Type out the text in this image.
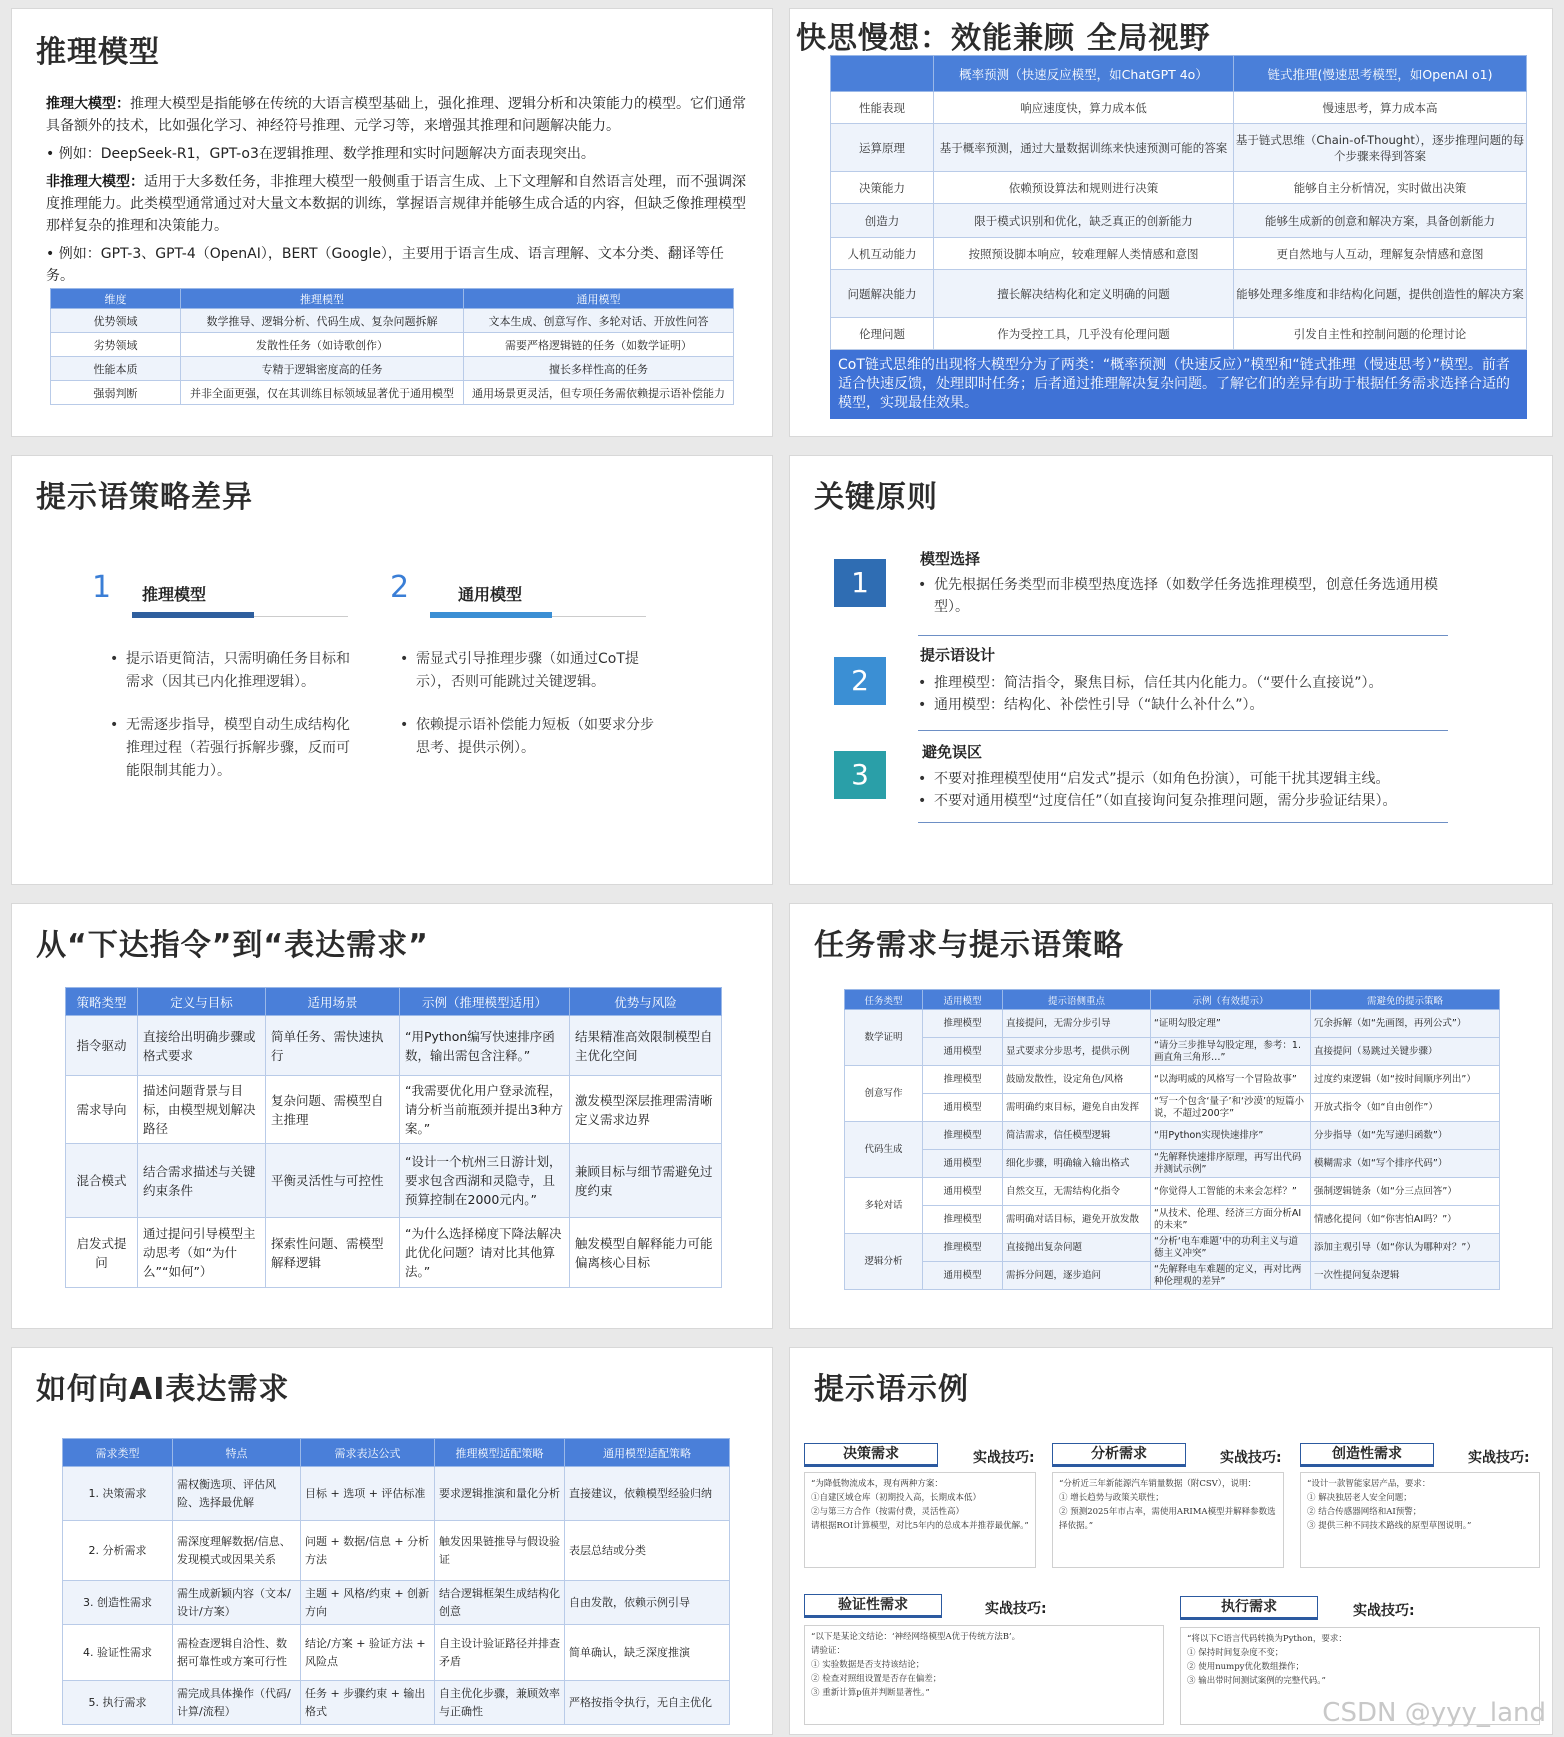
推理模型

推理大模型：推理大模型是指能够在传统的大语言模型基础上，强化推理、逻辑分析和决策能力的模型。它们通常具备额外的技术，比如强化学习、神经符号推理、元学习等，来增强其推理和问题解决能力。

• 例如：DeepSeek-R1，GPT-o3在逻辑推理、数学推理和实时问题解决方面表现突出。

非推理大模型：适用于大多数任务，非推理大模型一般侧重于语言生成、上下文理解和自然语言处理，而不强调深度推理能力。此类模型通常通过对大量文本数据的训练，掌握语言规律并能够生成合适的内容，但缺乏像推理模型那样复杂的推理和决策能力。

• 例如：GPT-3、GPT-4（OpenAI），BERT（Google），主要用于语言生成、语言理解、文本分类、翻译等任务。

维度	推理模型	通用模型
优势领域	数学推导、逻辑分析、代码生成、复杂问题拆解	文本生成、创意写作、多轮对话、开放性问答
劣势领域	发散性任务（如诗歌创作）	需要严格逻辑链的任务（如数学证明）
性能本质	专精于逻辑密度高的任务	擅长多样性高的任务
强弱判断	并非全面更强，仅在其训练目标领域显著优于通用模型	通用场景更灵活，但专项任务需依赖提示语补偿能力
快思慢想：效能兼顾 全局视野
	概率预测（快速反应模型，如ChatGPT 4o）	链式推理(慢速思考模型，如OpenAI o1)
性能表现	响应速度快，算力成本低	慢速思考，算力成本高
运算原理	基于概率预测，通过大量数据训练来快速预测可能的答案	基于链式思维（Chain-of-Thought），逐步推理问题的每个步骤来得到答案
决策能力	依赖预设算法和规则进行决策	能够自主分析情况，实时做出决策
创造力	限于模式识别和优化，缺乏真正的创新能力	能够生成新的创意和解决方案，具备创新能力
人机互动能力	按照预设脚本响应，较难理解人类情感和意图	更自然地与人互动，理解复杂情感和意图
问题解决能力	擅长解决结构化和定义明确的问题	能够处理多维度和非结构化问题，提供创造性的解决方案
伦理问题	作为受控工具，几乎没有伦理问题	引发自主性和控制问题的伦理讨论
CoT链式思维的出现将大模型分为了两类：“概率预测（快速反应）”模型和“链式推理（慢速思考）”模型。前者适合快速反馈，处理即时任务；后者通过推理解决复杂问题。了解它们的差异有助于根据任务需求选择合适的模型，实现最佳效果。
提示语策略差异
1 推理模型
• 提示语更简洁，只需明确任务目标和需求（因其已内化推理逻辑）。
• 无需逐步指导，模型自动生成结构化推理过程（若强行拆解步骤，反而可能限制其能力）。
2	通用模型
• 需显式引导推理步骤（如通过CoT提示），否则可能跳过关键逻辑。
• 依赖提示语补偿能力短板（如要求分步思考、提供示例）。
关键原则
1
模型选择
• 优先根据任务类型而非模型热度选择（如数学任务选推理模型，创意任务选通用模型）。
2
提示语设计
• 推理模型：简洁指令，聚焦目标，信任其内化能力。（“要什么直接说”）。
• 通用模型：结构化、补偿性引导（“缺什么补什么”）。
3
避免误区
• 不要对推理模型使用“启发式”提示（如角色扮演），可能干扰其逻辑主线。
• 不要对通用模型“过度信任”（如直接询问复杂推理问题，需分步验证结果）。
从“下达指令”到“表达需求”
策略类型	定义与目标	适用场景	示例（推理模型适用）	优势与风险
指令驱动	直接给出明确步骤或格式要求	简单任务、需快速执行	“用Python编写快速排序函数，输出需包含注释。”	结果精准高效限制模型自主优化空间
需求导向	描述问题背景与目标，由模型规划解决路径	复杂问题、需模型自主推理	“我需要优化用户登录流程，请分析当前瓶颈并提出3种方案。”	激发模型深层推理需清晰定义需求边界
混合模式	结合需求描述与关键约束条件	平衡灵活性与可控性	“设计一个杭州三日游计划，要求包含西湖和灵隐寺，且预算控制在2000元内。”	兼顾目标与细节需避免过度约束
启发式提问	通过提问引导模型主动思考（如“为什么”“如何”）	探索性问题、需模型解释逻辑	“为什么选择梯度下降法解决此优化问题？请对比其他算法。”	触发模型自解释能力可能偏离核心目标
任务需求与提示语策略
任务类型	适用模型	提示语侧重点	示例（有效提示）	需避免的提示策略
数学证明	推理模型	直接提问，无需分步引导	“证明勾股定理”	冗余拆解（如“先画图，再列公式”）
	通用模型	显式要求分步思考，提供示例	“请分三步推导勾股定理，参考：1. 画直角三角形…”	直接提问（易跳过关键步骤）
创意写作	推理模型	鼓励发散性，设定角色/风格	“以海明威的风格写一个冒险故事”	过度约束逻辑（如“按时间顺序列出”）
	通用模型	需明确约束目标，避免自由发挥	“写一个包含‘量子’和‘沙漠’的短篇小说，不超过200字”	开放式指令（如“自由创作”）
代码生成	推理模型	简洁需求，信任模型逻辑	“用Python实现快速排序”	分步指导（如“先写递归函数”）
	通用模型	细化步骤，明确输入输出格式	“先解释快速排序原理，再写出代码并测试示例”	模糊需求（如“写个排序代码”）
多轮对话	通用模型	自然交互，无需结构化指令	“你觉得人工智能的未来会怎样？”	强制逻辑链条（如“分三点回答”）
	推理模型	需明确对话目标，避免开放发散	“从技术、伦理、经济三方面分析AI的未来”	情感化提问（如“你害怕AI吗？”）
逻辑分析	推理模型	直接抛出复杂问题	“分析‘电车难题’中的功利主义与道德主义冲突”	添加主观引导（如“你认为哪种对？”）
	通用模型	需拆分问题，逐步追问	“先解释电车难题的定义，再对比两种伦理观的差异”	一次性提问复杂逻辑
如何向AI表达需求
需求类型	特点	需求表达公式	推理模型适配策略	通用模型适配策略
1. 决策需求	需权衡选项、评估风险、选择最优解	目标 + 选项 + 评估标准	要求逻辑推演和量化分析	直接建议，依赖模型经验归纳
2. 分析需求	需深度理解数据/信息、发现模式或因果关系	问题 + 数据/信息 + 分析方法	触发因果链推导与假设验证	表层总结或分类
3. 创造性需求	需生成新颖内容（文本/设计/方案）	主题 + 风格/约束 + 创新方向	结合逻辑框架生成结构化创意	自由发散，依赖示例引导
4. 验证性需求	需检查逻辑自洽性、数据可靠性或方案可行性	结论/方案 + 验证方法 + 风险点	自主设计验证路径并排查矛盾	简单确认，缺乏深度推演
5. 执行需求	需完成具体操作（代码/计算/流程）	任务 + 步骤约束 + 输出格式	自主优化步骤，兼顾效率与正确性	严格按指令执行，无自主优化
提示语示例
决策需求	实战技巧:
“为降低物流成本，现有两种方案：
①自建区域仓库（初期投入高，长期成本低）
②与第三方合作（按需付费，灵活性高）
请根据ROI计算模型，对比5年内的总成本并推荐最优解。”
分析需求	实战技巧:
“分析近三年新能源汽车销量数据（附CSV），说明：
① 增长趋势与政策关联性；
② 预测2025年市占率，需使用ARIMA模型并解释参数选择依据。”
创造性需求	实战技巧:
“设计一款智能家居产品，要求：
① 解决独居老人安全问题；
② 结合传感器网络和AI预警；
③ 提供三种不同技术路线的原型草图说明。”
验证性需求	实战技巧:
“以下是某论文结论：‘神经网络模型A优于传统方法B’。
请验证：
① 实验数据是否支持该结论；
② 检查对照组设置是否存在偏差；
③ 重新计算p值并判断显著性。”
执行需求	实战技巧:
“将以下C语言代码转换为Python，要求：
① 保持时间复杂度不变；
② 使用numpy优化数组操作；
③ 输出带时间测试案例的完整代码。”
CSDN @yyy_land
